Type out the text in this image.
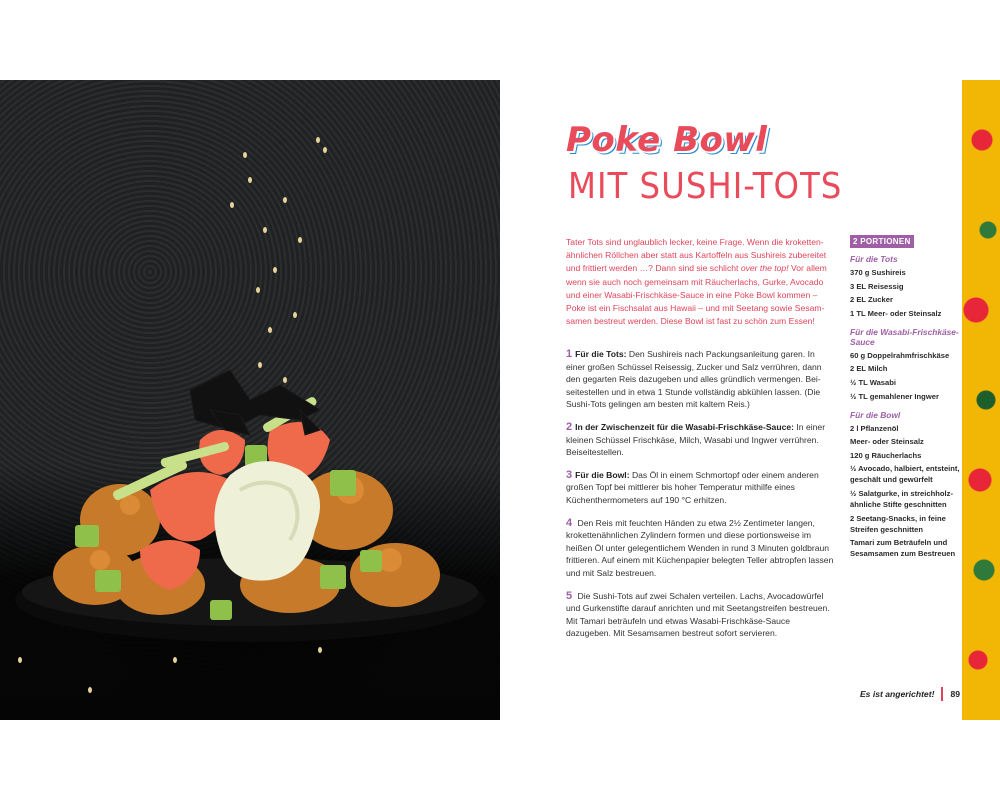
Poke Bowl
MIT SUSHI-TOTS
Tater Tots sind unglaublich lecker, keine Frage. Wenn die krokettenähnlichen Röllchen aber statt aus Kartoffeln aus Sushireis zubereitet und frittiert werden …? Dann sind sie schlicht over the top! Vor allem wenn sie auch noch gemeinsam mit Räucherlachs, Gurke, Avocado und einer Wasabi-Frischkäse-Sauce in eine Poke Bowl kommen – Poke ist ein Fischsalat aus Hawaii – und mit Seetang sowie Sesamsamen bestreut werden. Diese Bowl ist fast zu schön zum Essen!

1 Für die Tots: Den Sushireis nach Packungsanleitung garen. In einer großen Schüssel Reisessig, Zucker und Salz verrühren, dann den gegarten Reis dazugeben und alles gründlich vermengen. Beiseitestellen und in etwa 1 Stunde vollständig abkühlen lassen. (Die Sushi-Tots gelingen am besten mit kaltem Reis.)

2 In der Zwischenzeit für die Wasabi-Frischkäse-Sauce: In einer kleinen Schüssel Frischkäse, Milch, Wasabi und Ingwer verrühren. Beiseitestellen.

3 Für die Bowl: Das Öl in einem Schmortopf oder einem anderen großen Topf bei mittlerer bis hoher Temperatur mithilfe eines Küchenthermometers auf 190 °C erhitzen.

4 Den Reis mit feuchten Händen zu etwa 2½ Zentimeter langen, krokettenähnlichen Zylindern formen und diese portionsweise im heißen Öl unter gelegentlichem Wenden in rund 3 Minuten goldbraun frittieren. Auf einem mit Küchenpapier belegten Teller abtropfen lassen und mit Salz bestreuen.

5 Die Sushi-Tots auf zwei Schalen verteilen. Lachs, Avocadowürfel und Gurkenstifte darauf anrichten und mit Seetangstreifen bestreuen. Mit Tamari beträufeln und etwas Wasabi-Frischkäse-Sauce dazugeben. Mit Sesamsamen bestreut sofort servieren.

2 PORTIONEN
Für die Tots
370 g Sushireis
3 EL Reisessig
2 EL Zucker
1 TL Meer- oder Steinsalz
Für die Wasabi-Frischkäse-Sauce
60 g Doppelrahmfrischkäse
2 EL Milch
½ TL Wasabi
½ TL gemahlener Ingwer
Für die Bowl
2 l Pflanzenöl
Meer- oder Steinsalz
120 g Räucherlachs
½ Avocado, halbiert, entsteint, geschält und gewürfelt
½ Salatgurke, in streichholzähnliche Stifte geschnitten
2 Seetang-Snacks, in feine Streifen geschnitten
Tamari zum Beträufeln und Sesamsamen zum Bestreuen
Es ist angerichtet! 89
